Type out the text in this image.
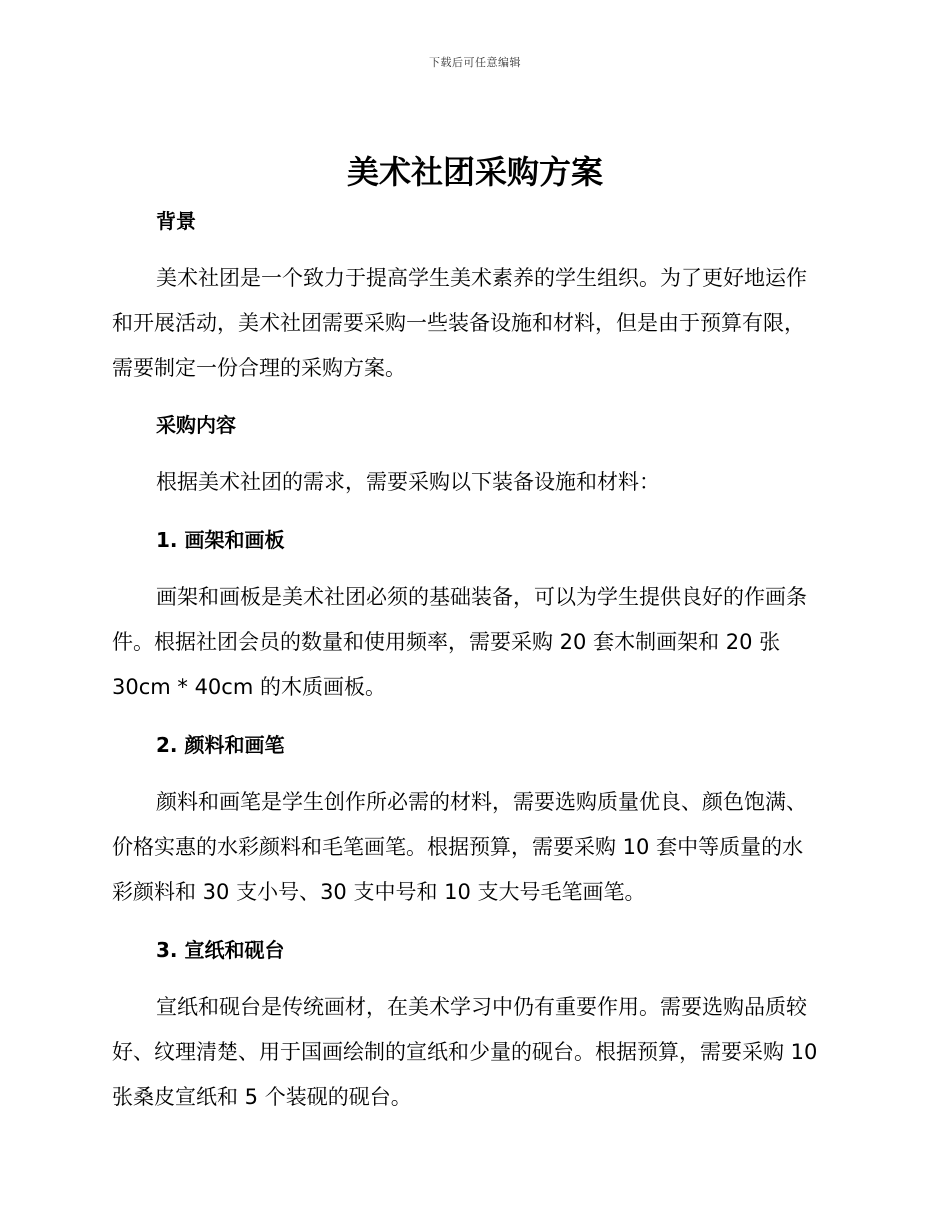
下载后可任意编辑
美术社团采购方案
背景
美术社团是一个致力于提高学生美术素养的学生组织。为了更好地运作
和开展活动，美术社团需要采购一些装备设施和材料，但是由于预算有限，
需要制定一份合理的采购方案。
采购内容
根据美术社团的需求，需要采购以下装备设施和材料：
1. 画架和画板
画架和画板是美术社团必须的基础装备，可以为学生提供良好的作画条
件。根据社团会员的数量和使用频率，需要采购 20 套木制画架和 20 张
30cm * 40cm 的木质画板。
2. 颜料和画笔
颜料和画笔是学生创作所必需的材料，需要选购质量优良、颜色饱满、
价格实惠的水彩颜料和毛笔画笔。根据预算，需要采购 10 套中等质量的水
彩颜料和 30 支小号、30 支中号和 10 支大号毛笔画笔。
3. 宣纸和砚台
宣纸和砚台是传统画材，在美术学习中仍有重要作用。需要选购品质较
好、纹理清楚、用于国画绘制的宣纸和少量的砚台。根据预算，需要采购 10
张桑皮宣纸和 5 个装砚的砚台。
